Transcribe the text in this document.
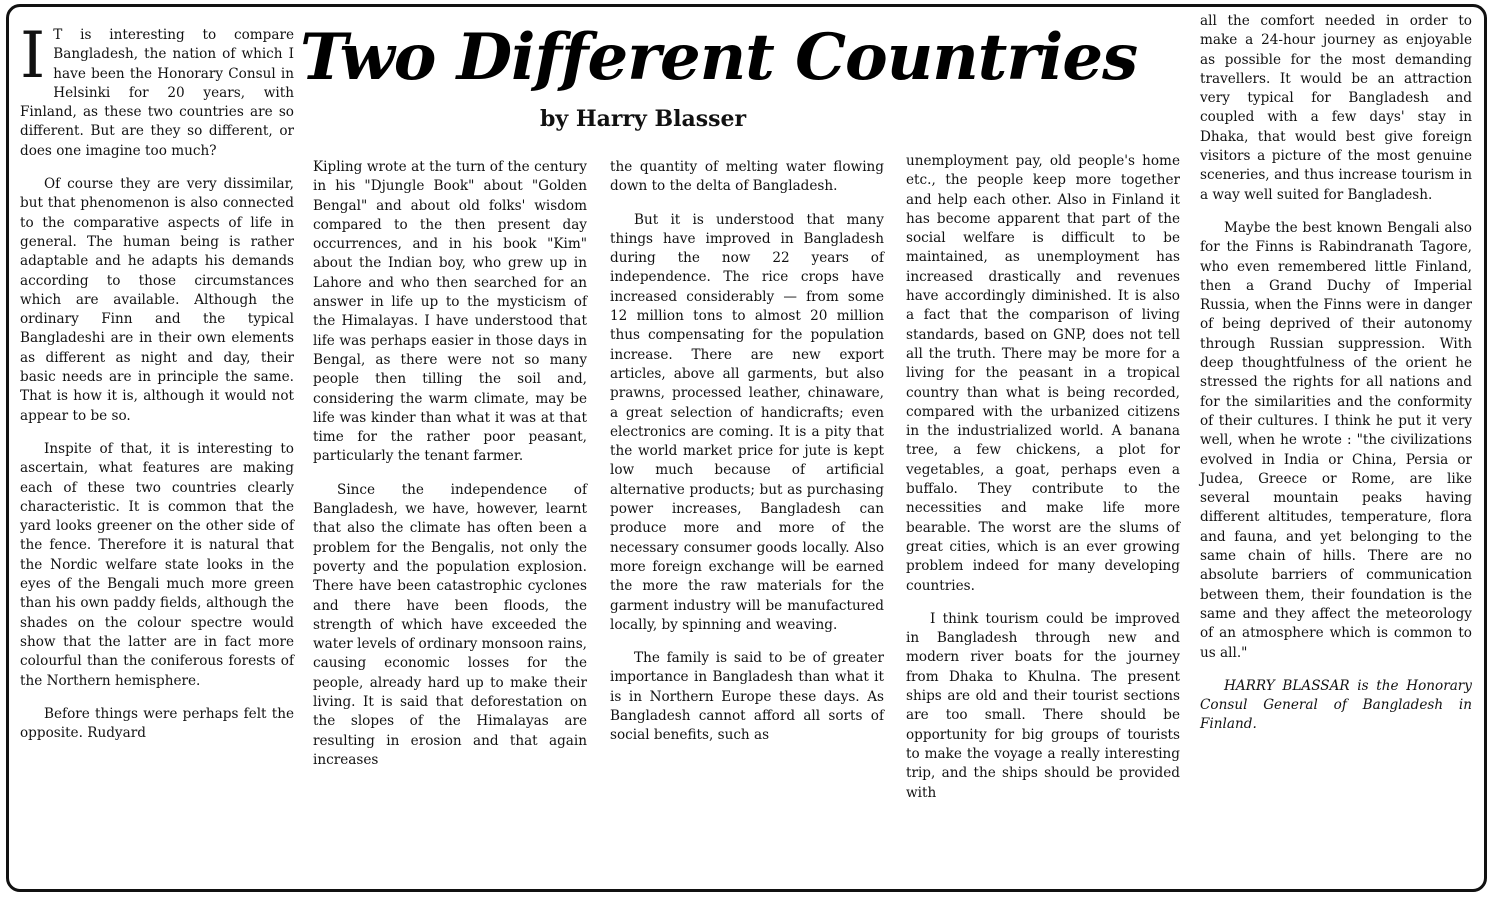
Two Different Countries
by Harry Blasser

I T is interesting to compare Bangladesh, the nation of which I have been the Honorary Consul in Helsinki for 20 years, with Finland, as these two countries are so different. But are they so different, or does one imagine too much?

Of course they are very dissimilar, but that phenomenon is also connected to the comparative aspects of life in general. The human being is rather adaptable and he adapts his demands according to those circumstances which are available. Although the ordinary Finn and the typical Bangladeshi are in their own elements as different as night and day, their basic needs are in principle the same. That is how it is, although it would not appear to be so.

Inspite of that, it is interesting to ascertain, what features are making each of these two countries clearly characteristic. It is common that the yard looks greener on the other side of the fence. Therefore it is natural that the Nordic welfare state looks in the eyes of the Bengali much more green than his own paddy fields, although the shades on the colour spectre would show that the latter are in fact more colourful than the coniferous forests of the Northern hemisphere.

Before things were perhaps felt the opposite. Rudyard

Kipling wrote at the turn of the century in his "Djungle Book" about "Golden Bengal" and about old folks' wisdom compared to the then present day occurrences, and in his book "Kim" about the Indian boy, who grew up in Lahore and who then searched for an answer in life up to the mysticism of the Himalayas. I have understood that life was perhaps easier in those days in Bengal, as there were not so many people then tilling the soil and, considering the warm climate, may be life was kinder than what it was at that time for the rather poor peasant, particularly the tenant farmer.

Since the independence of Bangladesh, we have, however, learnt that also the climate has often been a problem for the Bengalis, not only the poverty and the population explosion. There have been catastrophic cyclones and there have been floods, the strength of which have exceeded the water levels of ordinary monsoon rains, causing economic losses for the people, already hard up to make their living. It is said that deforestation on the slopes of the Himalayas are resulting in erosion and that again increases

the quantity of melting water flowing down to the delta of Bangladesh.

But it is understood that many things have improved in Bangladesh during the now 22 years of independence. The rice crops have increased considerably — from some 12 million tons to almost 20 million thus compensating for the population increase. There are new export articles, above all garments, but also prawns, processed leather, chinaware, a great selection of handicrafts; even electronics are coming. It is a pity that the world market price for jute is kept low much because of artificial alternative products; but as purchasing power increases, Bangladesh can produce more and more of the necessary consumer goods locally. Also more foreign exchange will be earned the more the raw materials for the garment industry will be manufactured locally, by spinning and weaving.

The family is said to be of greater importance in Bangladesh than what it is in Northern Europe these days. As Bangladesh cannot afford all sorts of social benefits, such as

unemployment pay, old people's home etc., the people keep more together and help each other. Also in Finland it has become apparent that part of the social welfare is difficult to be maintained, as unemployment has increased drastically and revenues have accordingly diminished. It is also a fact that the comparison of living standards, based on GNP, does not tell all the truth. There may be more for a living for the peasant in a tropical country than what is being recorded, compared with the urbanized citizens in the industrialized world. A banana tree, a few chickens, a plot for vegetables, a goat, perhaps even a buffalo. They contribute to the necessities and make life more bearable. The worst are the slums of great cities, which is an ever growing problem indeed for many developing countries.

I think tourism could be improved in Bangladesh through new and modern river boats for the journey from Dhaka to Khulna. The present ships are old and their tourist sections are too small. There should be opportunity for big groups of tourists to make the voyage a really interesting trip, and the ships should be provided with

all the comfort needed in order to make a 24-hour journey as enjoyable as possible for the most demanding travellers. It would be an attraction very typical for Bangladesh and coupled with a few days' stay in Dhaka, that would best give foreign visitors a picture of the most genuine sceneries, and thus increase tourism in a way well suited for Bangladesh.

Maybe the best known Bengali also for the Finns is Rabindranath Tagore, who even remembered little Finland, then a Grand Duchy of Imperial Russia, when the Finns were in danger of being deprived of their autonomy through Russian suppression. With deep thoughtfulness of the orient he stressed the rights for all nations and for the similarities and the conformity of their cultures. I think he put it very well, when he wrote : "the civilizations evolved in India or China, Persia or Judea, Greece or Rome, are like several mountain peaks having different altitudes, temperature, flora and fauna, and yet belonging to the same chain of hills. There are no absolute barriers of communication between them, their foundation is the same and they affect the meteorology of an atmosphere which is common to us all."

HARRY BLASSAR is the Honorary Consul General of Bangladesh in Finland.
